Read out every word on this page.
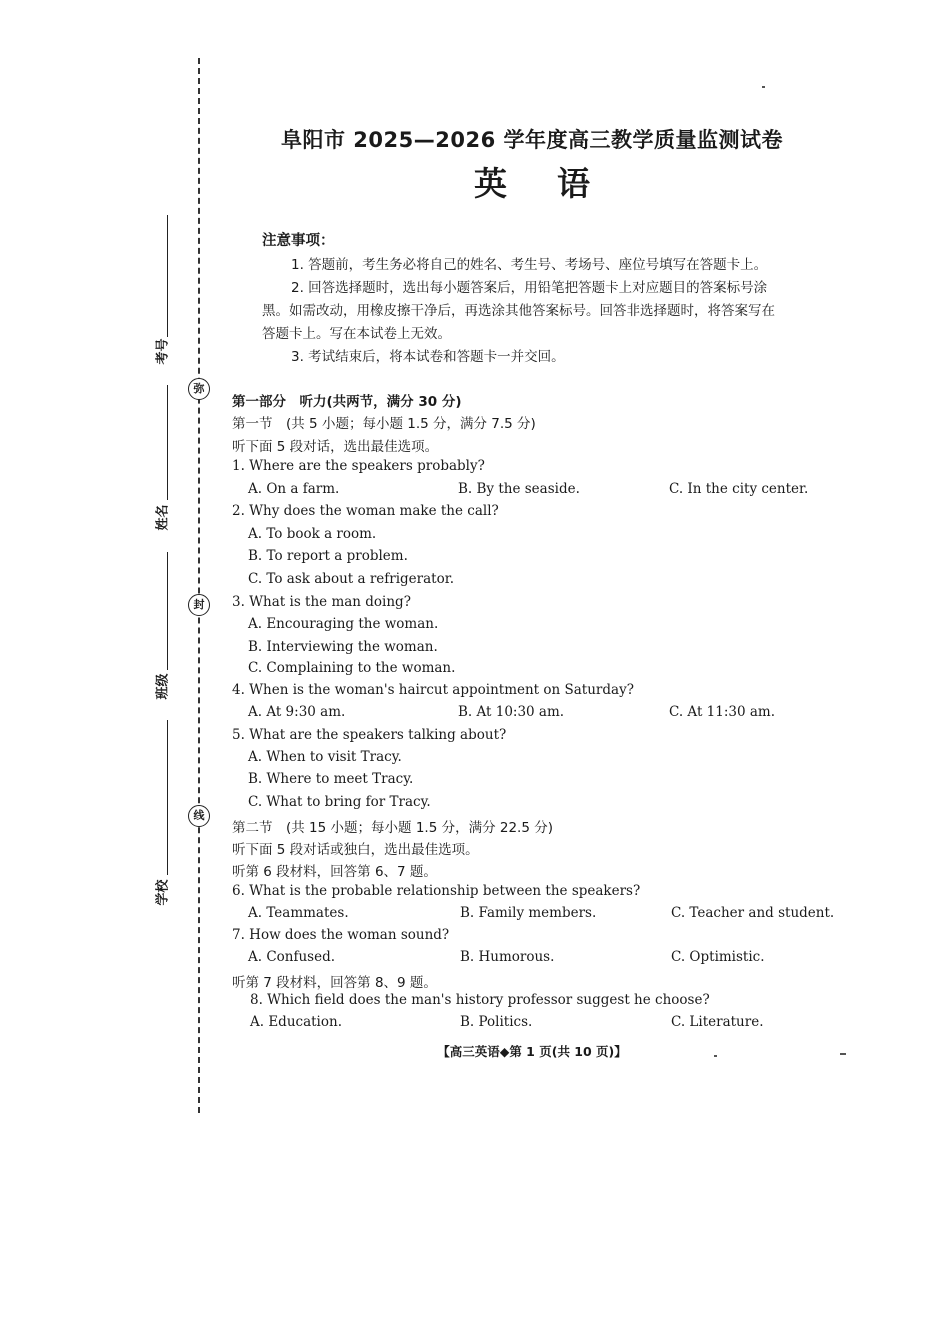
弥
封
线
考号
姓名
班级
学校
阜阳市 2025—2026 学年度高三教学质量监测试卷
英语
注意事项：
1. 答题前，考生务必将自己的姓名、考生号、考场号、座位号填写在答题卡上。
2. 回答选择题时，选出每小题答案后，用铅笔把答题卡上对应题目的答案标号涂
黑。如需改动，用橡皮擦干净后，再选涂其他答案标号。回答非选择题时，将答案写在
答题卡上。写在本试卷上无效。
3. 考试结束后，将本试卷和答题卡一并交回。
第一部分　听力(共两节，满分 30 分)
第一节　(共 5 小题；每小题 1.5 分，满分 7.5 分)
听下面 5 段对话，选出最佳选项。
1. Where are the speakers probably?
A. On a farm.	B. By the seaside.	C. In the city center.
2. Why does the woman make the call?
A. To book a room.
B. To report a problem.
C. To ask about a refrigerator.
3. What is the man doing?
A. Encouraging the woman.
B. Interviewing the woman.
C. Complaining to the woman.
4. When is the woman's haircut appointment on Saturday?
A. At 9:30 am.	B. At 10:30 am.	C. At 11:30 am.
5. What are the speakers talking about?
A. When to visit Tracy.
B. Where to meet Tracy.
C. What to bring for Tracy.
第二节　(共 15 小题；每小题 1.5 分，满分 22.5 分)
听下面 5 段对话或独白，选出最佳选项。
听第 6 段材料，回答第 6、7 题。
6. What is the probable relationship between the speakers?
A. Teammates.	B. Family members.	C. Teacher and student.
7. How does the woman sound?
A. Confused.	B. Humorous.	C. Optimistic.
听第 7 段材料，回答第 8、9 题。
8. Which field does the man's history professor suggest he choose?
A. Education.	B. Politics.	C. Literature.
【高三英语◆第 1 页(共 10 页)】
